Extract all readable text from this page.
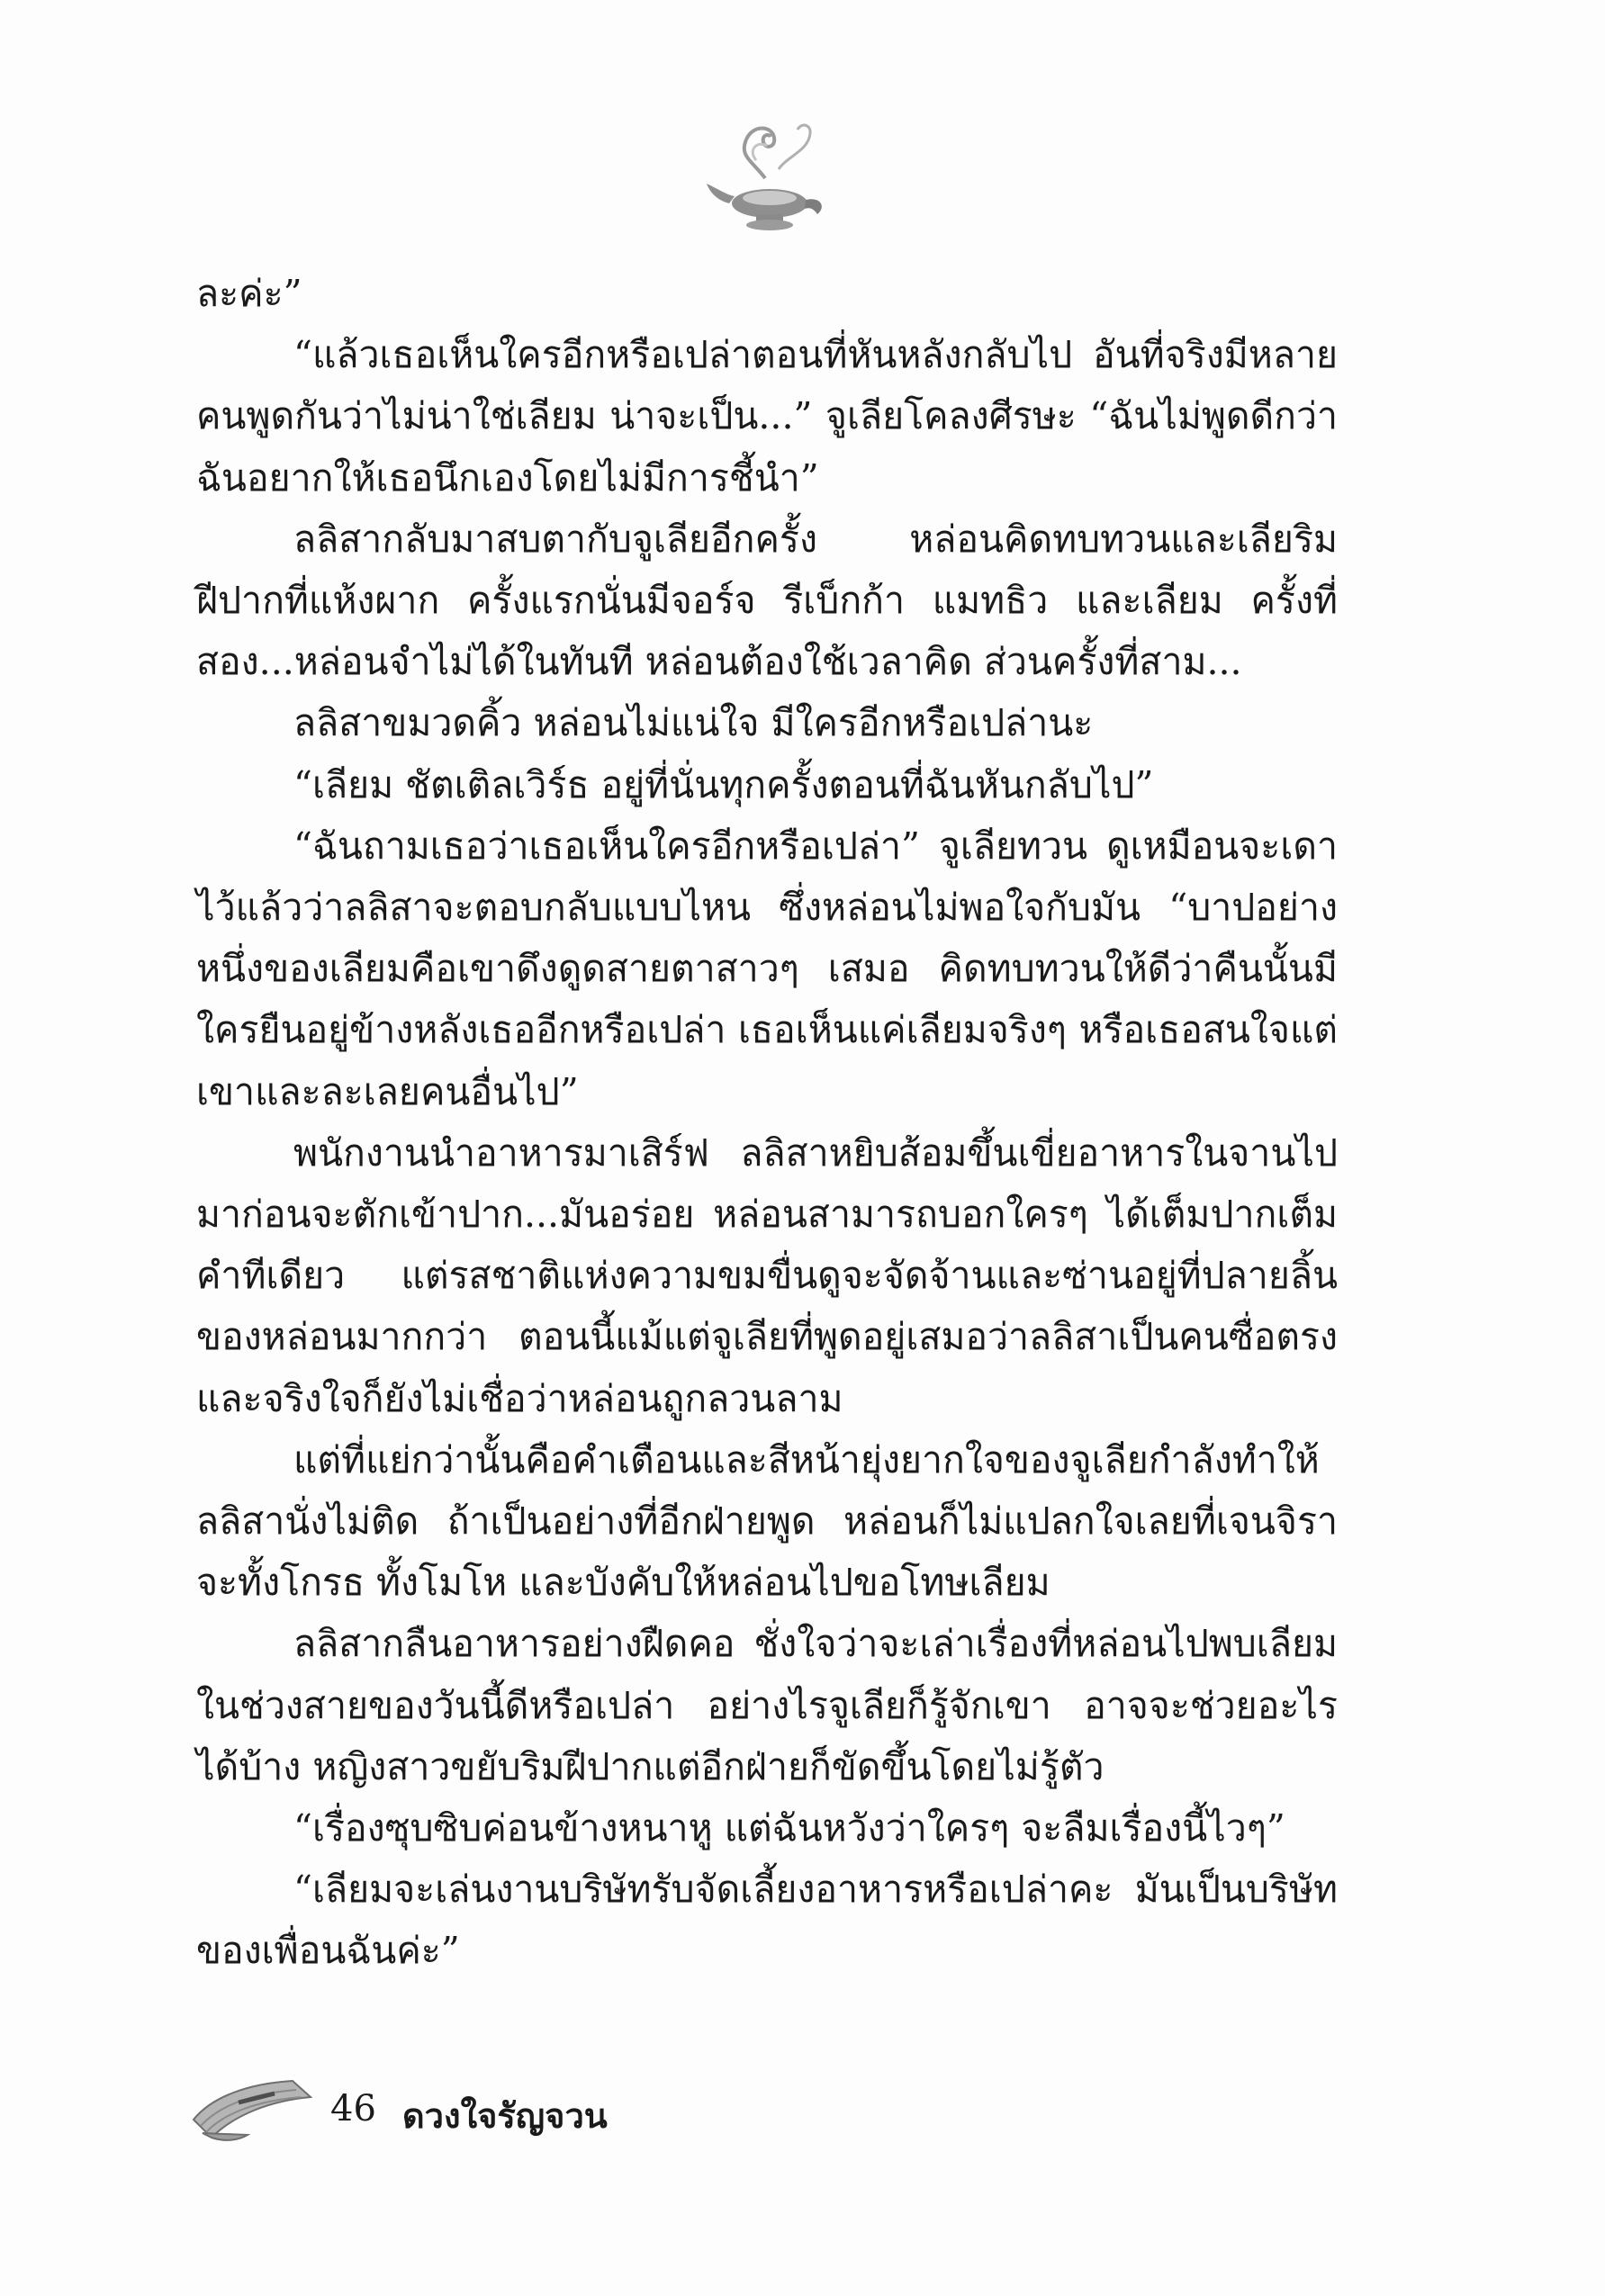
ละค่ะ”

“แล้วเธอเห็นใครอีกหรือเปล่าตอนที่หันหลังกลับไป อันที่จริงมีหลายคนพูดกันว่าไม่น่าใช่เลียม น่าจะเป็น...” จูเลียโคลงศีรษะ “ฉันไม่พูดดีกว่า ฉันอยากให้เธอนึกเองโดยไม่มีการชี้นำ”

ลลิสากลับมาสบตากับจูเลียอีกครั้ง หล่อนคิดทบทวนและเลียริมฝีปากที่แห้งผาก ครั้งแรกนั่นมีจอร์จ รีเบ็กก้า แมทธิว และเลียม ครั้งที่สอง...หล่อนจำไม่ได้ในทันที หล่อนต้องใช้เวลาคิด ส่วนครั้งที่สาม...

ลลิสาขมวดคิ้ว หล่อนไม่แน่ใจ มีใครอีกหรือเปล่านะ

“เลียม ชัตเติลเวิร์ธ อยู่ที่นั่นทุกครั้งตอนที่ฉันหันกลับไป”

“ฉันถามเธอว่าเธอเห็นใครอีกหรือเปล่า” จูเลียทวน ดูเหมือนจะเดาไว้แล้วว่าลลิสาจะตอบกลับแบบไหน ซึ่งหล่อนไม่พอใจกับมัน “บาปอย่างหนึ่งของเลียมคือเขาดึงดูดสายตาสาวๆ เสมอ คิดทบทวนให้ดีว่าคืนนั้นมีใครยืนอยู่ข้างหลังเธออีกหรือเปล่า เธอเห็นแค่เลียมจริงๆ หรือเธอสนใจแต่เขาและละเลยคนอื่นไป”

พนักงานนำอาหารมาเสิร์ฟ ลลิสาหยิบส้อมขึ้นเขี่ยอาหารในจานไปมาก่อนจะตักเข้าปาก...มันอร่อย หล่อนสามารถบอกใครๆ ได้เต็มปากเต็มคำทีเดียว แต่รสชาติแห่งความขมขื่นดูจะจัดจ้านและซ่านอยู่ที่ปลายลิ้นของหล่อนมากกว่า ตอนนี้แม้แต่จูเลียที่พูดอยู่เสมอว่าลลิสาเป็นคนซื่อตรงและจริงใจก็ยังไม่เชื่อว่าหล่อนถูกลวนลาม

แต่ที่แย่กว่านั้นคือคำเตือนและสีหน้ายุ่งยากใจของจูเลียกำลังทำให้ลลิสานั่งไม่ติด ถ้าเป็นอย่างที่อีกฝ่ายพูด หล่อนก็ไม่แปลกใจเลยที่เจนจิราจะทั้งโกรธ ทั้งโมโห และบังคับให้หล่อนไปขอโทษเลียม

ลลิสากลืนอาหารอย่างฝืดคอ ชั่งใจว่าจะเล่าเรื่องที่หล่อนไปพบเลียมในช่วงสายของวันนี้ดีหรือเปล่า อย่างไรจูเลียก็รู้จักเขา อาจจะช่วยอะไรได้บ้าง หญิงสาวขยับริมฝีปากแต่อีกฝ่ายก็ขัดขึ้นโดยไม่รู้ตัว

“เรื่องซุบซิบค่อนข้างหนาหู แต่ฉันหวังว่าใครๆ จะลืมเรื่องนี้ไวๆ”

“เลียมจะเล่นงานบริษัทรับจัดเลี้ยงอาหารหรือเปล่าคะ มันเป็นบริษัทของเพื่อนฉันค่ะ”

46 ดวงใจรัญจวน
